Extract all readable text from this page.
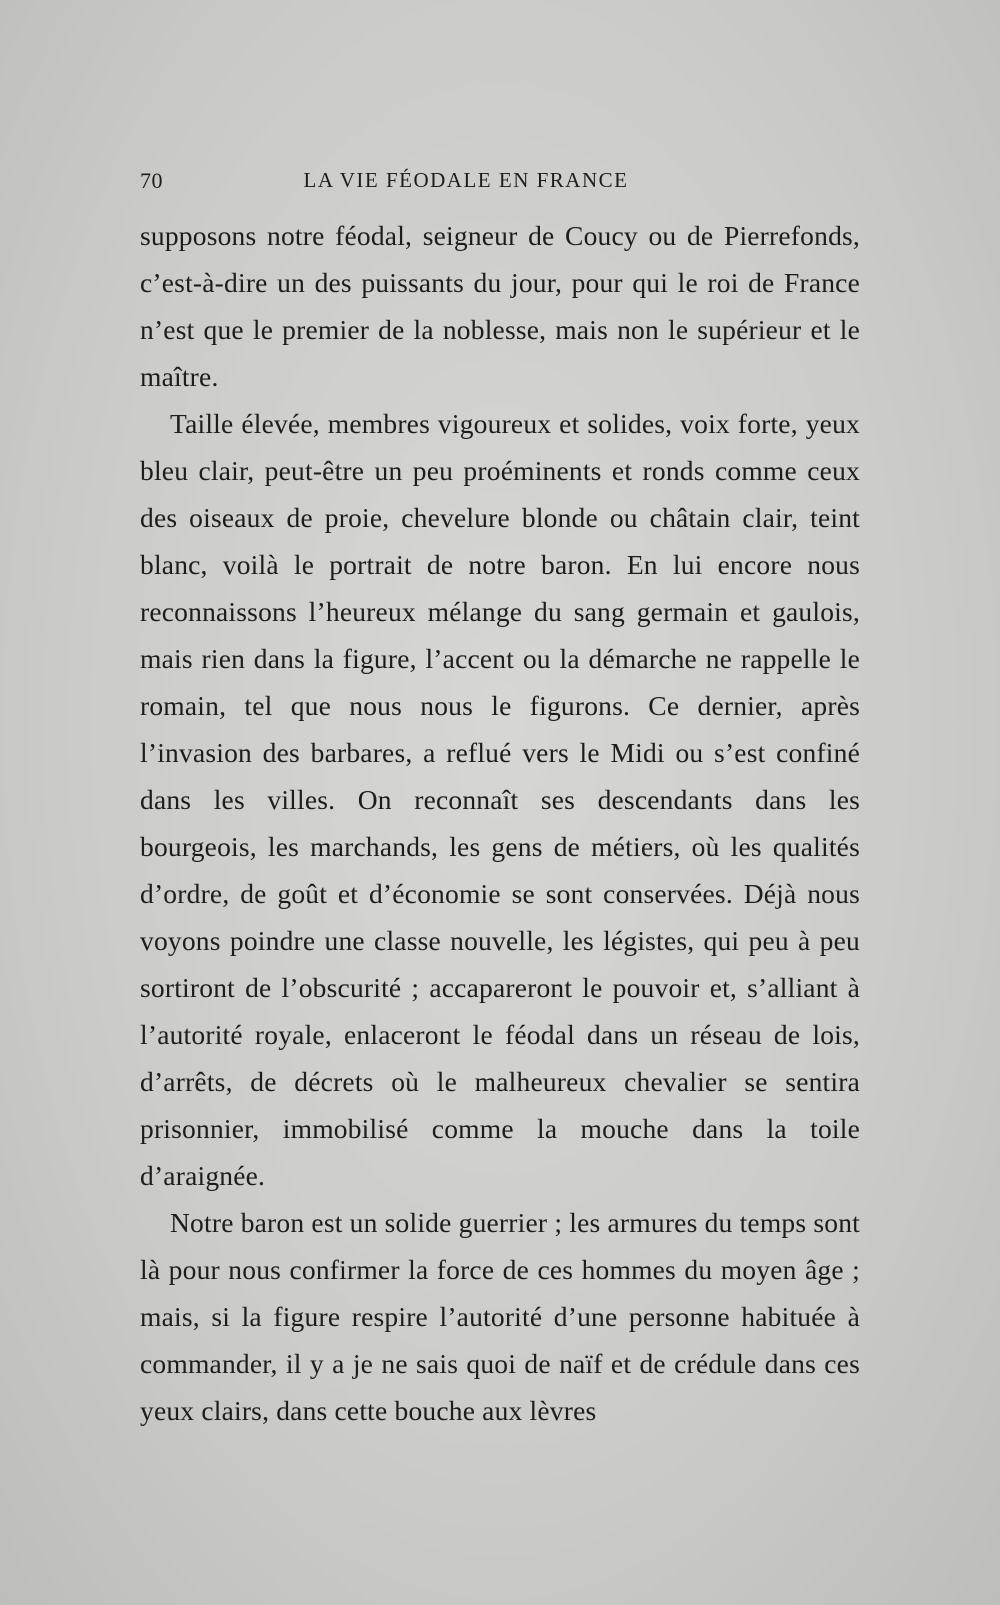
70	LA VIE FÉODALE EN FRANCE

supposons notre féodal, seigneur de Coucy ou de Pierrefonds, c’est-à-dire un des puissants du jour, pour qui le roi de France n’est que le premier de la noblesse, mais non le supérieur et le maître.

Taille élevée, membres vigoureux et solides, voix forte, yeux bleu clair, peut-être un peu proéminents et ronds comme ceux des oiseaux de proie, chevelure blonde ou châtain clair, teint blanc, voilà le portrait de notre baron. En lui encore nous reconnaissons l’heureux mélange du sang germain et gaulois, mais rien dans la figure, l’accent ou la démarche ne rappelle le romain, tel que nous nous le figurons. Ce dernier, après l’invasion des barbares, a reflué vers le Midi ou s’est confiné dans les villes. On reconnaît ses descendants dans les bourgeois, les marchands, les gens de métiers, où les qualités d’ordre, de goût et d’économie se sont conservées. Déjà nous voyons poindre une classe nouvelle, les légistes, qui peu à peu sortiront de l’obscurité ; accapareront le pouvoir et, s’alliant à l’autorité royale, enlaceront le féodal dans un réseau de lois, d’arrêts, de décrets où le malheureux chevalier se sentira prisonnier, immobilisé comme la mouche dans la toile d’araignée.

Notre baron est un solide guerrier ; les armures du temps sont là pour nous confirmer la force de ces hommes du moyen âge ; mais, si la figure respire l’autorité d’une personne habituée à commander, il y a je ne sais quoi de naïf et de crédule dans ces yeux clairs, dans cette bouche aux lèvres
